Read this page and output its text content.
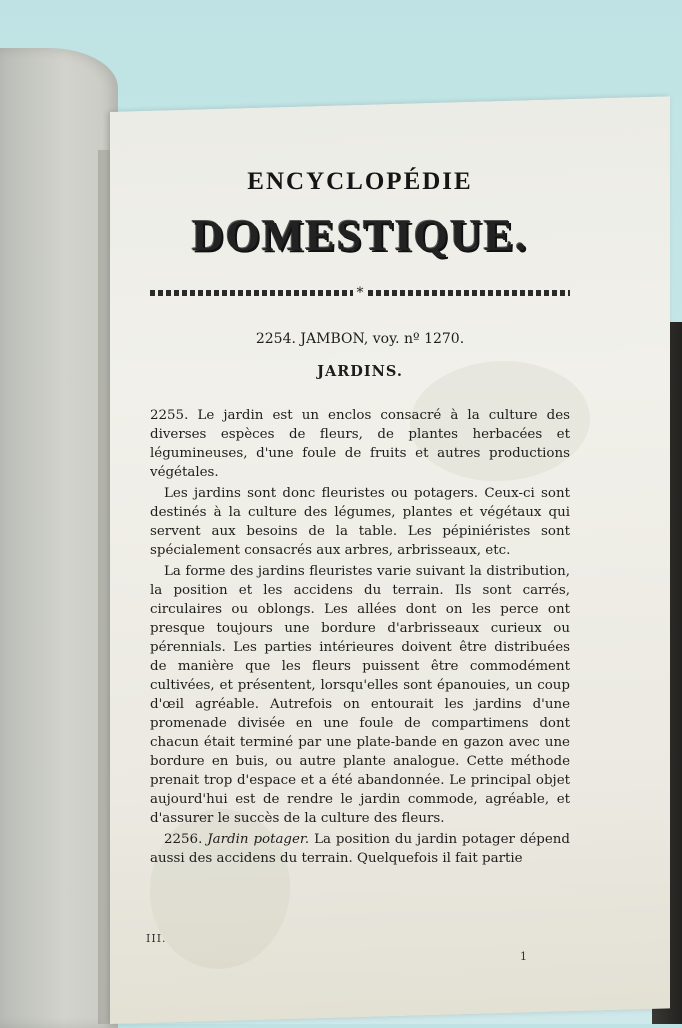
ENCYCLOPÉDIE
DOMESTIQUE.
*
2254. JAMBON, voy. nº 1270.
JARDINS.

2255. Le jardin est un enclos consacré à la culture des diverses espèces de fleurs, de plantes herbacées et légumineuses, d'une foule de fruits et autres productions végétales.

Les jardins sont donc fleuristes ou potagers. Ceux-ci sont destinés à la culture des légumes, plantes et végétaux qui servent aux besoins de la table. Les pépiniéristes sont spécialement consacrés aux arbres, arbrisseaux, etc.

La forme des jardins fleuristes varie suivant la distribution, la position et les accidens du terrain. Ils sont carrés, circulaires ou oblongs. Les allées dont on les perce ont presque toujours une bordure d'arbrisseaux curieux ou pérennials. Les parties intérieures doivent être distribuées de manière que les fleurs puissent être commodément cultivées, et présentent, lorsqu'elles sont épanouies, un coup d'œil agréable. Autrefois on entourait les jardins d'une promenade divisée en une foule de compartimens dont chacun était terminé par une plate-bande en gazon avec une bordure en buis, ou autre plante analogue. Cette méthode prenait trop d'espace et a été abandonnée. Le principal objet aujourd'hui est de rendre le jardin commode, agréable, et d'assurer le succès de la culture des fleurs.

2256. Jardin potager. La position du jardin potager dépend aussi des accidens du terrain. Quelquefois il fait partie

III.
1
